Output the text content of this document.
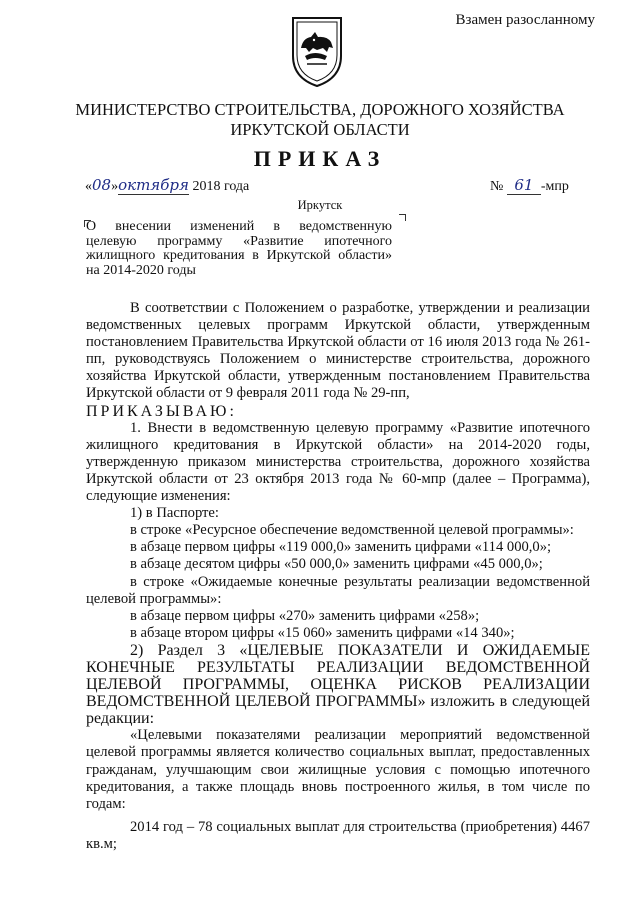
Взамен разосланному
МИНИСТЕРСТВО СТРОИТЕЛЬСТВА, ДОРОЖНОГО ХОЗЯЙСТВА
ИРКУТСКОЙ ОБЛАСТИ
ПРИКАЗ
«08»октября 2018 года	№ 61 -мпр
Иркутск
О внесении изменений в ведомственную
целевую программу «Развитие ипотечного
жилищного кредитования в Иркутской области»
на 2014-2020 годы

В соответствии с Положением о разработке, утверждении и реализации ведомственных целевых программ Иркутской области, утвержденным постановлением Правительства Иркутской области от 16 июля 2013 года № 261-пп, руководствуясь Положением о министерстве строительства, дорожного хозяйства Иркутской области, утвержденным постановлением Правительства Иркутской области от 9 февраля 2011 года № 29-пп,

ПРИКАЗЫВАЮ:

1. Внести в ведомственную целевую программу «Развитие ипотечного жилищного кредитования в Иркутской области» на 2014-2020 годы, утвержденную приказом министерства строительства, дорожного хозяйства Иркутской области от 23 октября 2013 года № 60-мпр (далее – Программа), следующие изменения:

1) в Паспорте:

в строке «Ресурсное обеспечение ведомственной целевой программы»:

в абзаце первом цифры «119 000,0» заменить цифрами «114 000,0»;

в абзаце десятом цифры «50 000,0» заменить цифрами «45 000,0»;

в строке «Ожидаемые конечные результаты реализации ведомственной целевой программы»:

в абзаце первом цифры «270» заменить цифрами «258»;

в абзаце втором цифры «15 060» заменить цифрами «14 340»;

2) Раздел 3 «ЦЕЛЕВЫЕ ПОКАЗАТЕЛИ И ОЖИДАЕМЫЕ КОНЕЧНЫЕ РЕЗУЛЬТАТЫ РЕАЛИЗАЦИИ ВЕДОМСТВЕННОЙ ЦЕЛЕВОЙ ПРОГРАММЫ, ОЦЕНКА РИСКОВ РЕАЛИЗАЦИИ ВЕДОМСТВЕННОЙ ЦЕЛЕВОЙ ПРОГРАММЫ» изложить в следующей редакции:

«Целевыми показателями реализации мероприятий ведомственной целевой программы является количество социальных выплат, предоставленных гражданам, улучшающим свои жилищные условия с помощью ипотечного кредитования, а также площадь вновь построенного жилья, в том числе по годам:

2014 год – 78 социальных выплат для строительства (приобретения) 4467 кв.м;
